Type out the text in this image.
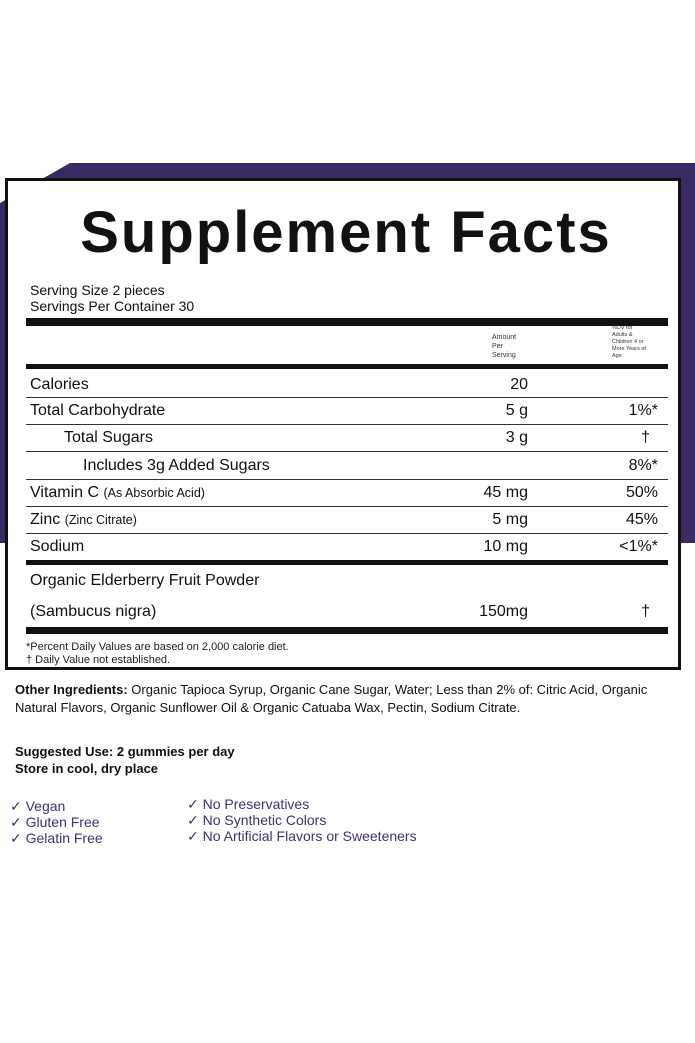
Supplement Facts
Serving Size 2 pieces
Servings Per Container 30
Amount
Per
Serving
%DV for
Adults &
Children 4 or
More Years of
Age
Calories	20
Total Carbohydrate	5 g	1%*
Total Sugars	3 g	†
Includes 3g Added Sugars	8%*
Vitamin C (As Absorbic Acid)	45 mg	50%
Zinc (Zinc Citrate)	5 mg	45%
Sodium	10 mg	<1%*
Organic Elderberry Fruit Powder
(Sambucus nigra)	150mg	†
*Percent Daily Values are based on 2,000 calorie diet.
† Daily Value not established.
Other Ingredients: Organic Tapioca Syrup, Organic Cane Sugar, Water; Less than 2% of: Citric Acid, Organic Natural Flavors, Organic Sunflower Oil & Organic Catuaba Wax, Pectin, Sodium Citrate.
Suggested Use: 2 gummies per day
Store in cool, dry place
✓ Vegan
✓ Gluten Free
✓ Gelatin Free
✓ No Preservatives
✓ No Synthetic Colors
✓ No Artificial Flavors or Sweeteners
